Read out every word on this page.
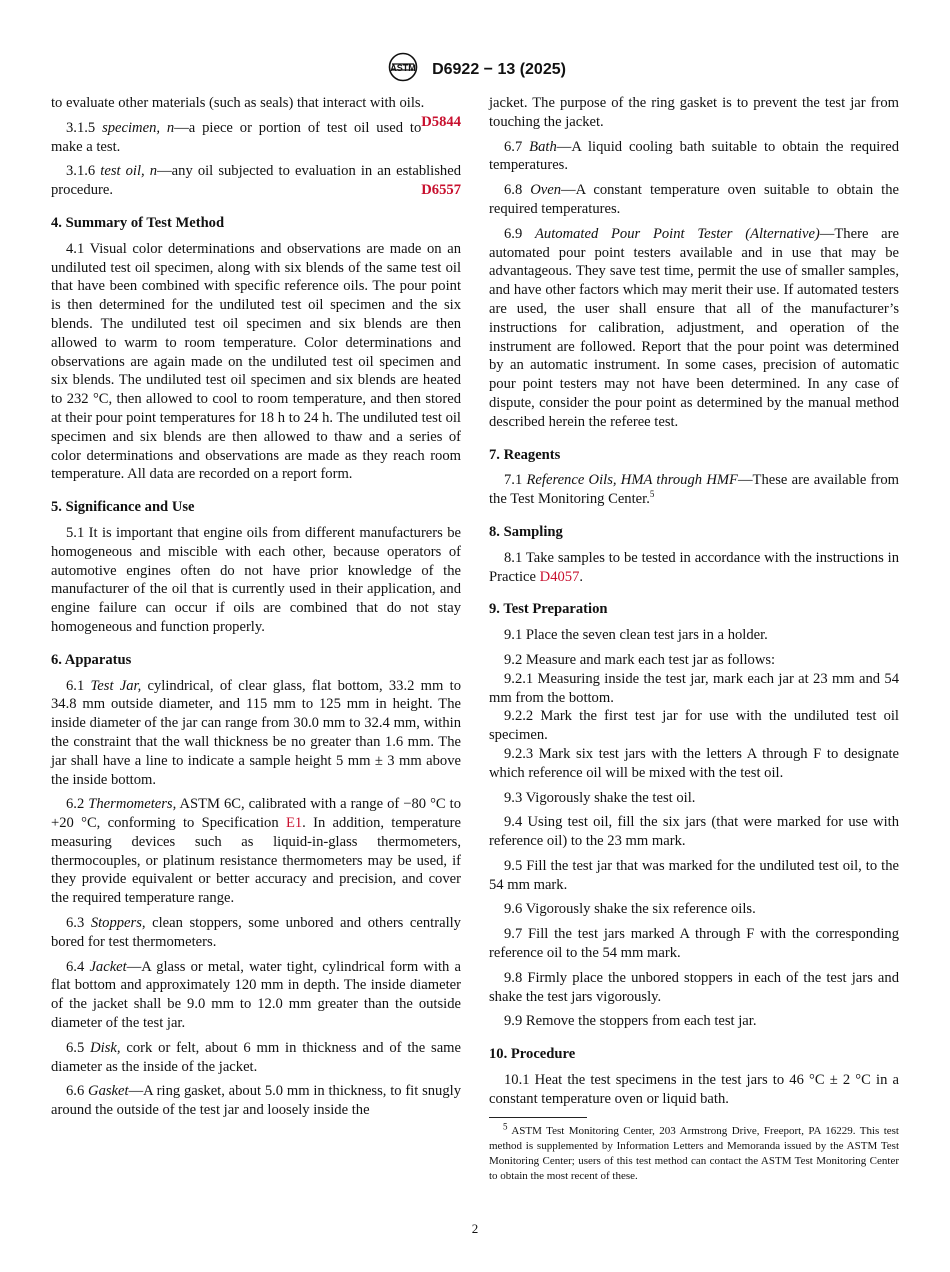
ASTM D6922 − 13 (2025)

to evaluate other materials (such as seals) that interact with oils.
D5844

3.1.5 specimen, n—a piece or portion of test oil used to make a test.

3.1.6 test oil, n—any oil subjected to evaluation in an established procedure.	D6557

4. Summary of Test Method

4.1 Visual color determinations and observations are made on an undiluted test oil specimen, along with six blends of the same test oil that have been combined with specific reference oils. The pour point is then determined for the undiluted test oil specimen and the six blends. The undiluted test oil specimen and six blends are then allowed to warm to room temperature. Color determinations and observations are again made on the undiluted test oil specimen and six blends. The undiluted test oil specimen and six blends are heated to 232 °C, then allowed to cool to room temperature, and then stored at their pour point temperatures for 18 h to 24 h. The undiluted test oil specimen and six blends are then allowed to thaw and a series of color determinations and observations are made as they reach room temperature. All data are recorded on a report form.

5. Significance and Use

5.1 It is important that engine oils from different manufacturers be homogeneous and miscible with each other, because operators of automotive engines often do not have prior knowledge of the manufacturer of the oil that is currently used in their application, and engine failure can occur if oils are combined that do not stay homogeneous and function properly.

6. Apparatus

6.1 Test Jar, cylindrical, of clear glass, flat bottom, 33.2 mm to 34.8 mm outside diameter, and 115 mm to 125 mm in height. The inside diameter of the jar can range from 30.0 mm to 32.4 mm, within the constraint that the wall thickness be no greater than 1.6 mm. The jar shall have a line to indicate a sample height 5 mm ± 3 mm above the inside bottom.

6.2 Thermometers, ASTM 6C, calibrated with a range of −80 °C to +20 °C, conforming to Specification E1. In addition, temperature measuring devices such as liquid-in-glass thermometers, thermocouples, or platinum resistance thermometers may be used, if they provide equivalent or better accuracy and precision, and cover the required temperature range.

6.3 Stoppers, clean stoppers, some unbored and others centrally bored for test thermometers.

6.4 Jacket—A glass or metal, water tight, cylindrical form with a flat bottom and approximately 120 mm in depth. The inside diameter of the jacket shall be 9.0 mm to 12.0 mm greater than the outside diameter of the test jar.

6.5 Disk, cork or felt, about 6 mm in thickness and of the same diameter as the inside of the jacket.

6.6 Gasket—A ring gasket, about 5.0 mm in thickness, to fit snugly around the outside of the test jar and loosely inside the

jacket. The purpose of the ring gasket is to prevent the test jar from touching the jacket.

6.7 Bath—A liquid cooling bath suitable to obtain the required temperatures.

6.8 Oven—A constant temperature oven suitable to obtain the required temperatures.

6.9 Automated Pour Point Tester (Alternative)—There are automated pour point testers available and in use that may be advantageous. They save test time, permit the use of smaller samples, and have other factors which may merit their use. If automated testers are used, the user shall ensure that all of the manufacturer’s instructions for calibration, adjustment, and operation of the instrument are followed. Report that the pour point was determined by an automatic instrument. In some cases, precision of automatic pour point testers may not have been determined. In any case of dispute, consider the pour point as determined by the manual method described herein the referee test.

7. Reagents

7.1 Reference Oils, HMA through HMF—These are available from the Test Monitoring Center.$^5$

8. Sampling

8.1 Take samples to be tested in accordance with the instructions in Practice D4057.

9. Test Preparation

9.1 Place the seven clean test jars in a holder.

9.2 Measure and mark each test jar as follows:

9.2.1 Measuring inside the test jar, mark each jar at 23 mm and 54 mm from the bottom.

9.2.2 Mark the first test jar for use with the undiluted test oil specimen.

9.2.3 Mark six test jars with the letters A through F to designate which reference oil will be mixed with the test oil.

9.3 Vigorously shake the test oil.

9.4 Using test oil, fill the six jars (that were marked for use with reference oil) to the 23 mm mark.

9.5 Fill the test jar that was marked for the undiluted test oil, to the 54 mm mark.

9.6 Vigorously shake the six reference oils.

9.7 Fill the test jars marked A through F with the corresponding reference oil to the 54 mm mark.

9.8 Firmly place the unbored stoppers in each of the test jars and shake the test jars vigorously.

9.9 Remove the stoppers from each test jar.

10. Procedure

10.1 Heat the test specimens in the test jars to 46 °C ± 2 °C in a constant temperature oven or liquid bath.

$^5$ ASTM Test Monitoring Center, 203 Armstrong Drive, Freeport, PA 16229. This test method is supplemented by Information Letters and Memoranda issued by the ASTM Test Monitoring Center; users of this test method can contact the ASTM Test Monitoring Center to obtain the most recent of these.

2
